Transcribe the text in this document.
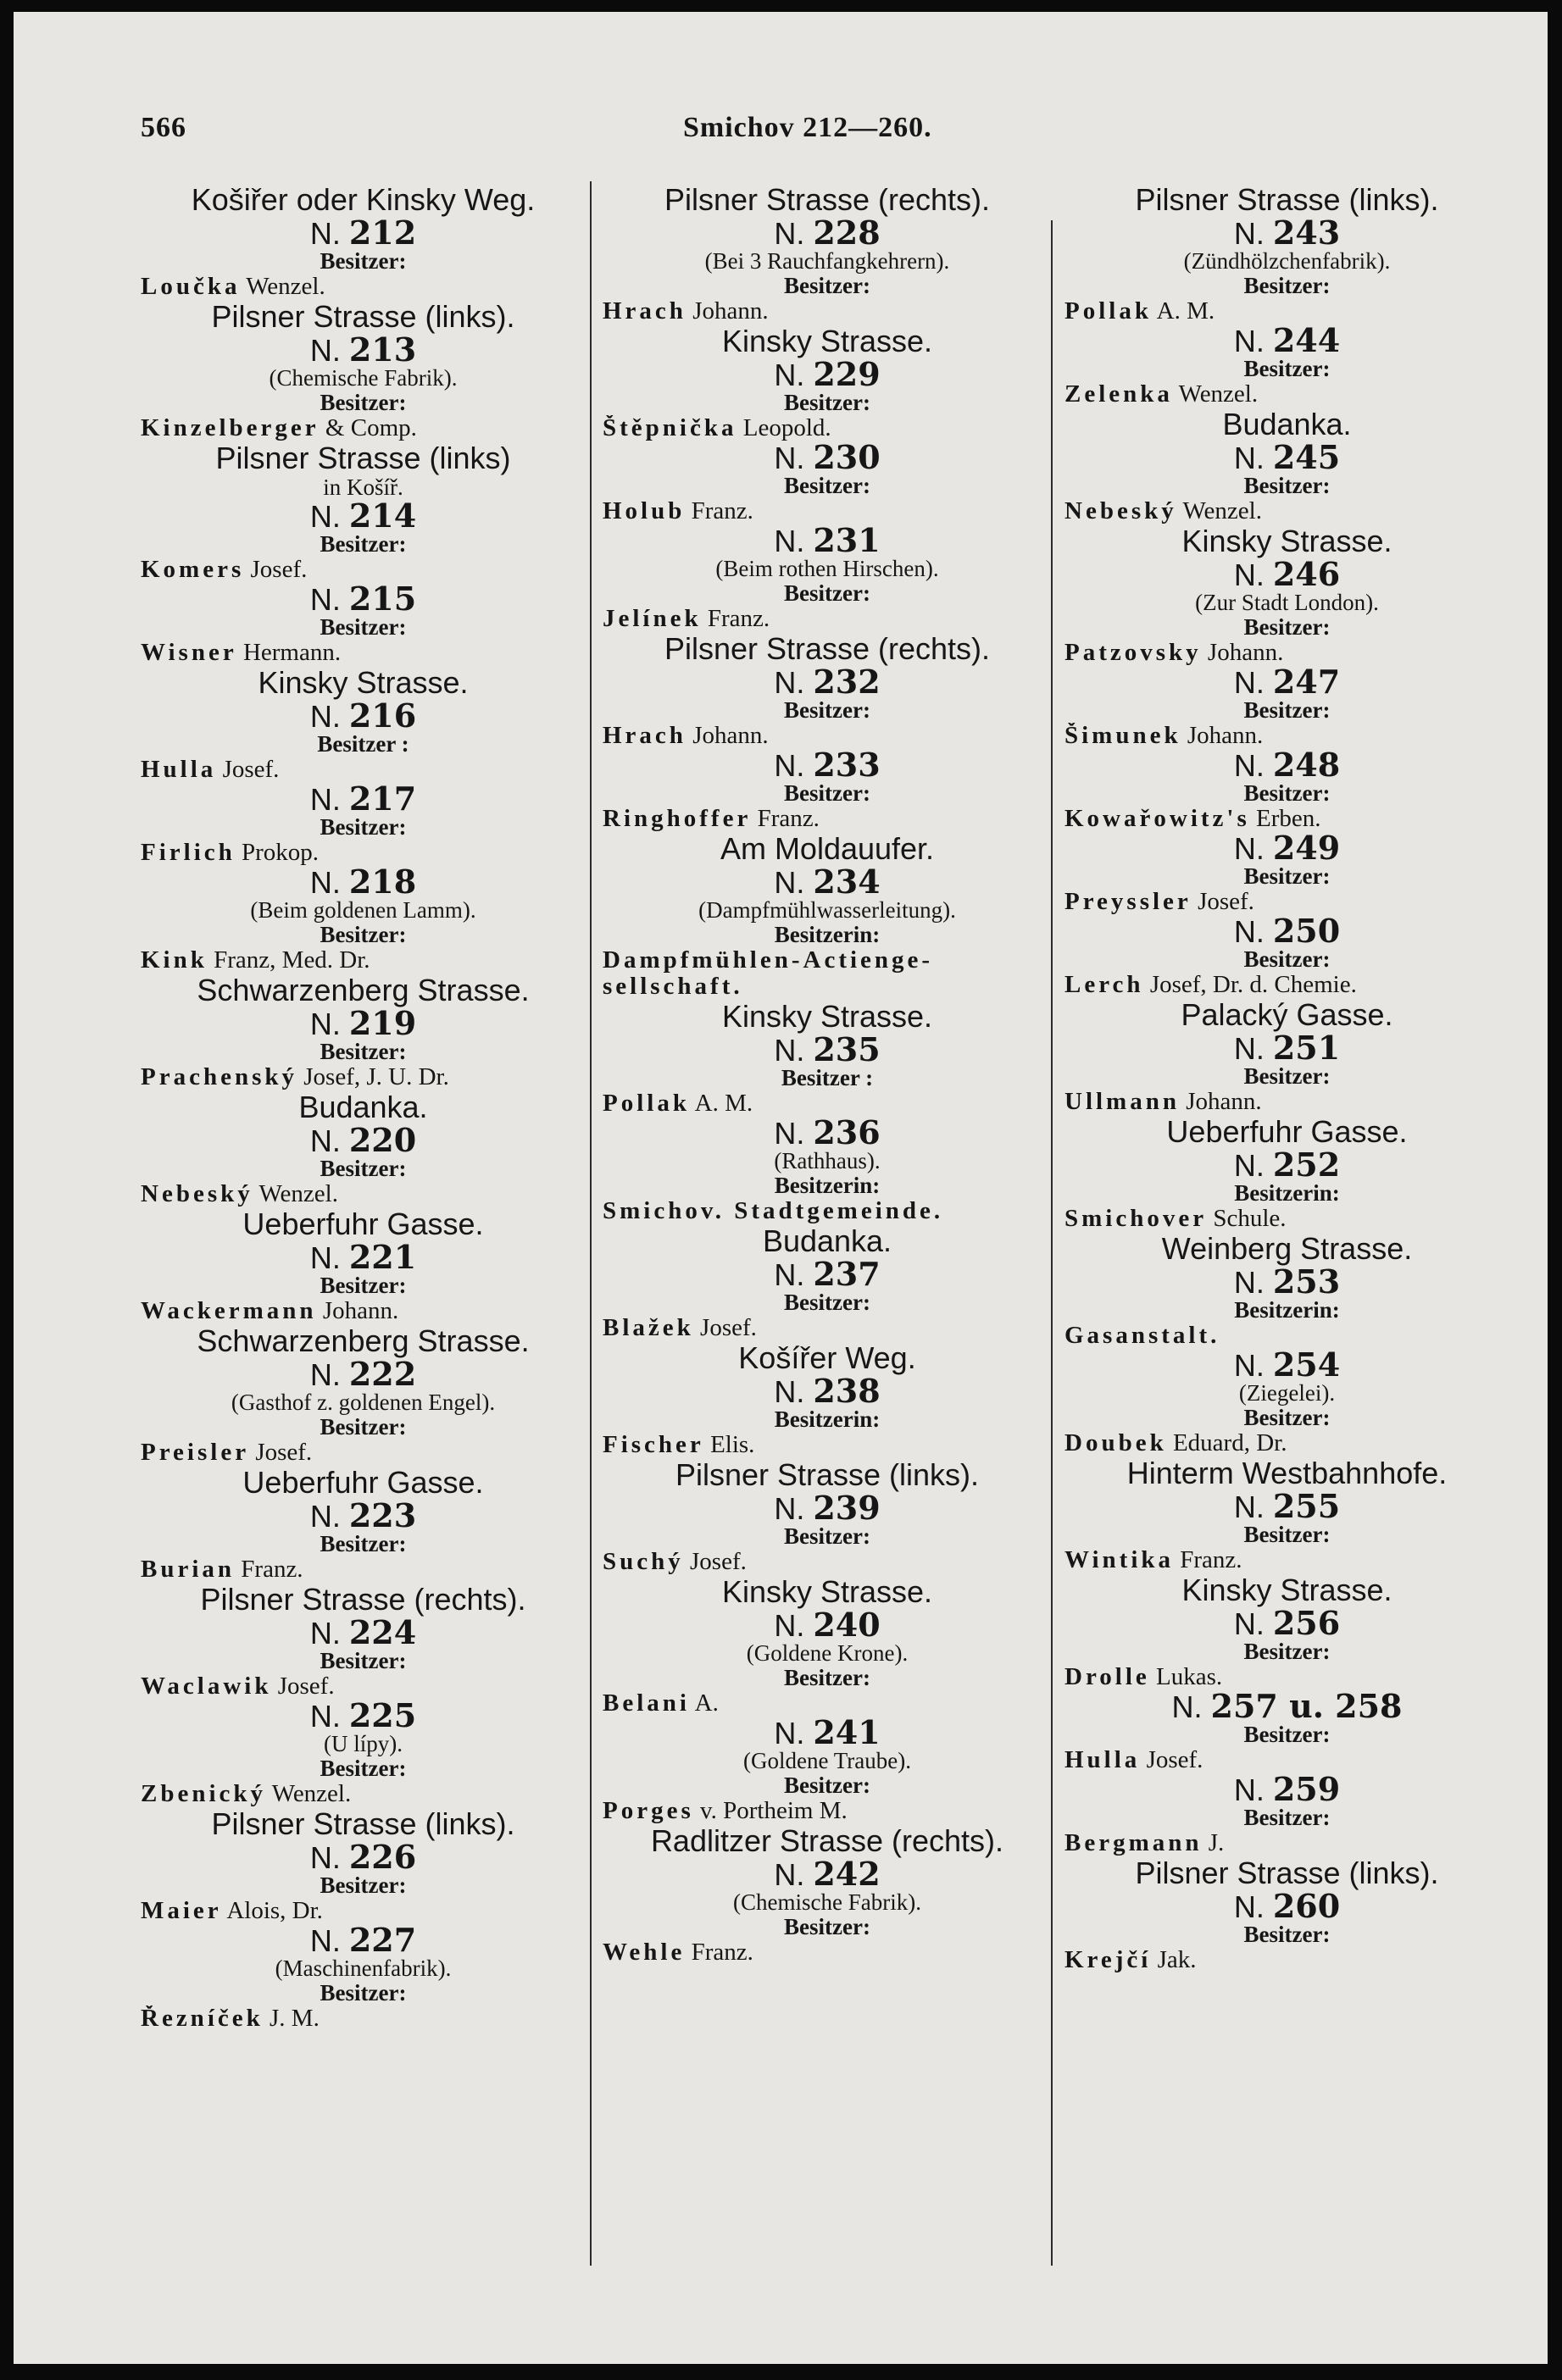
566	Smichov 212—260.
Košiřer oder Kinsky Weg.
N. 212
Besitzer:
Loučka Wenzel.
Pilsner Strasse (links).
N. 213
(Chemische Fabrik).
Besitzer:
Kinzelberger & Comp.
Pilsner Strasse (links)
in Košíř.
N. 214
Besitzer:
Komers Josef.
N. 215
Besitzer:
Wisner Hermann.
Kinsky Strasse.
N. 216
Besitzer :
Hulla Josef.
N. 217
Besitzer:
Firlich Prokop.
N. 218
(Beim goldenen Lamm).
Besitzer:
Kink Franz, Med. Dr.
Schwarzenberg Strasse.
N. 219
Besitzer:
Prachenský Josef, J. U. Dr.
Budanka.
N. 220
Besitzer:
Nebeský Wenzel.
Ueberfuhr Gasse.
N. 221
Besitzer:
Wackermann Johann.
Schwarzenberg Strasse.
N. 222
(Gasthof z. goldenen Engel).
Besitzer:
Preisler Josef.
Ueberfuhr Gasse.
N. 223
Besitzer:
Burian Franz.
Pilsner Strasse (rechts).
N. 224
Besitzer:
Waclawik Josef.
N. 225
(U lípy).
Besitzer:
Zbenický Wenzel.
Pilsner Strasse (links).
N. 226
Besitzer:
Maier Alois, Dr.
N. 227
(Maschinenfabrik).
Besitzer:
Řezníček J. M.
Pilsner Strasse (rechts).
N. 228
(Bei 3 Rauchfangkehrern).
Besitzer:
Hrach Johann.
Kinsky Strasse.
N. 229
Besitzer:
Štěpnička Leopold.
N. 230
Besitzer:
Holub Franz.
N. 231
(Beim rothen Hirschen).
Besitzer:
Jelínek Franz.
Pilsner Strasse (rechts).
N. 232
Besitzer:
Hrach Johann.
N. 233
Besitzer:
Ringhoffer Franz.
Am Moldauufer.
N. 234
(Dampfmühlwasserleitung).
Besitzerin:
Dampfmühlen-Actienge-
sellschaft.
Kinsky Strasse.
N. 235
Besitzer :
Pollak A. M.
N. 236
(Rathhaus).
Besitzerin:
Smichov. Stadtgemeinde.
Budanka.
N. 237
Besitzer:
Blažek Josef.
Košířer Weg.
N. 238
Besitzerin:
Fischer Elis.
Pilsner Strasse (links).
N. 239
Besitzer:
Suchý Josef.
Kinsky Strasse.
N. 240
(Goldene Krone).
Besitzer:
Belani A.
N. 241
(Goldene Traube).
Besitzer:
Porges v. Portheim M.
Radlitzer Strasse (rechts).
N. 242
(Chemische Fabrik).
Besitzer:
Wehle Franz.
Pilsner Strasse (links).
N. 243
(Zündhölzchenfabrik).
Besitzer:
Pollak A. M.
N. 244
Besitzer:
Zelenka Wenzel.
Budanka.
N. 245
Besitzer:
Nebeský Wenzel.
Kinsky Strasse.
N. 246
(Zur Stadt London).
Besitzer:
Patzovsky Johann.
N. 247
Besitzer:
Šimunek Johann.
N. 248
Besitzer:
Kowařowitz's Erben.
N. 249
Besitzer:
Preyssler Josef.
N. 250
Besitzer:
Lerch Josef, Dr. d. Chemie.
Palacký Gasse.
N. 251
Besitzer:
Ullmann Johann.
Ueberfuhr Gasse.
N. 252
Besitzerin:
Smichover Schule.
Weinberg Strasse.
N. 253
Besitzerin:
Gasanstalt.
N. 254
(Ziegelei).
Besitzer:
Doubek Eduard, Dr.
Hinterm Westbahnhofe.
N. 255
Besitzer:
Wintika Franz.
Kinsky Strasse.
N. 256
Besitzer:
Drolle Lukas.
N. 257 u. 258
Besitzer:
Hulla Josef.
N. 259
Besitzer:
Bergmann J.
Pilsner Strasse (links).
N. 260
Besitzer:
Krejčí Jak.
